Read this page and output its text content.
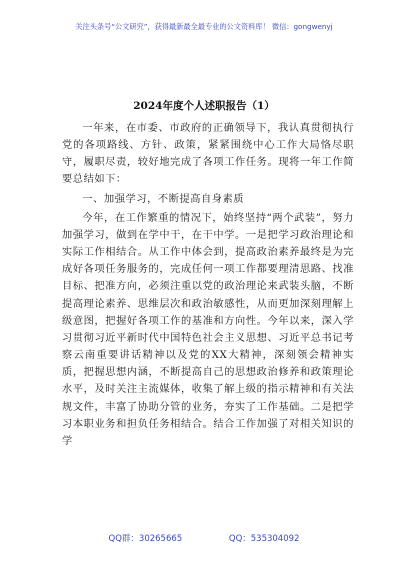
关注头条号“公文研究”，获得最新最全最专业的公文资料库！ 微信：gongwenyj
2024年度个人述职报告（1）

一年来，在市委、市政府的正确领导下，我认真贯彻执行党的各项路线、方针、政策，紧紧围绕中心工作大局恪尽职守，履职尽责，较好地完成了各项工作任务。现将一年工作简要总结如下：

一、加强学习，不断提高自身素质

今年，在工作繁重的情况下，始终坚持“两个武装”，努力加强学习，做到在学中干，在干中学。一是把学习政治理论和实际工作相结合。从工作中体会到，提高政治素养最终是为完成好各项任务服务的，完成任何一项工作都要理清思路、找准目标、把准方向，必须注重以党的政治理论来武装头脑，不断提高理论素养、思维层次和政治敏感性，从而更加深刻理解上级意图，把握好各项工作的基准和方向性。今年以来，深入学习贯彻习近平新时代中国特色社会主义思想、习近平总书记考察云南重要讲话精神以及党的XX大精神，深刻领会精神实质，把握思想内涵，不断提高自己的思想政治修养和政策理论水平，及时关注主流媒体，收集了解上级的指示精神和有关法规文件，丰富了协助分管的业务，夯实了工作基础。二是把学习本职业务和担负任务相结合。结合工作加强了对相关知识的学

QQ群：30265665	QQ：535304092
